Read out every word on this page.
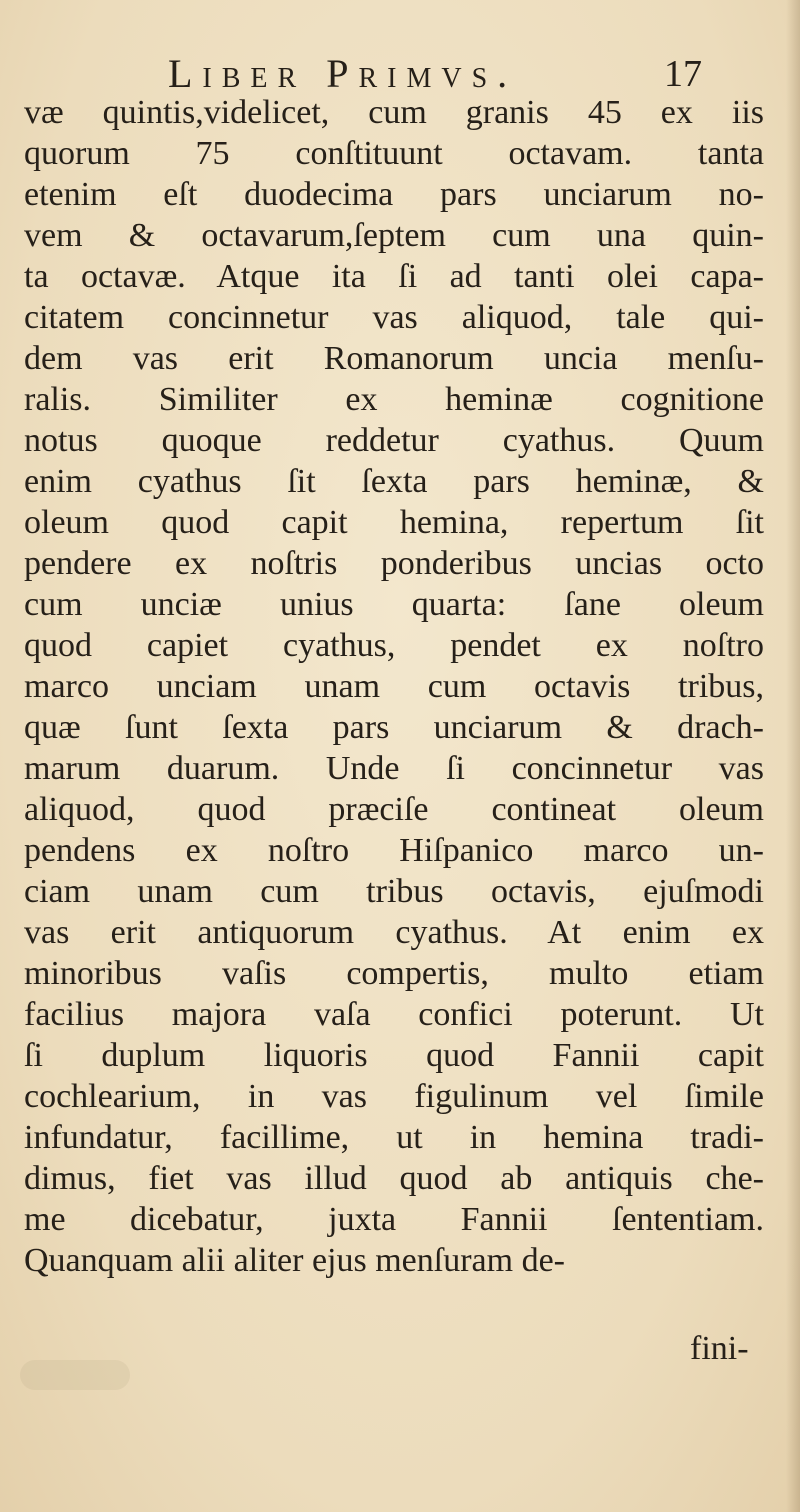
Liber Primvs.	17
væ quintis,videlicet, cum granis 45 ex iis
quorum 75 conſtituunt octavam. tanta
etenim eſt duodecima pars unciarum no-
vem & octavarum,ſeptem cum una quin-
ta octavæ. Atque ita ſi ad tanti olei capa-
citatem concinnetur vas aliquod, tale qui-
dem vas erit Romanorum uncia menſu-
ralis. Similiter ex heminæ cognitione
notus quoque reddetur cyathus. Quum
enim cyathus ſit ſexta pars heminæ, &
oleum quod capit hemina, repertum ſit
pendere ex noſtris ponderibus uncias octo
cum unciæ unius quarta: ſane oleum
quod capiet cyathus, pendet ex noſtro
marco unciam unam cum octavis tribus,
quæ ſunt ſexta pars unciarum & drach-
marum duarum. Unde ſi concinnetur vas
aliquod, quod præciſe contineat oleum
pendens ex noſtro Hiſpanico marco un-
ciam unam cum tribus octavis, ejuſmodi
vas erit antiquorum cyathus. At enim ex
minoribus vaſis compertis, multo etiam
facilius majora vaſa confici poterunt. Ut
ſi duplum liquoris quod Fannii capit
cochlearium, in vas figulinum vel ſimile
infundatur, facillime, ut in hemina tradi-
dimus, fiet vas illud quod ab antiquis che-
me dicebatur, juxta Fannii ſententiam.
Quanquam alii aliter ejus menſuram de-
fini-
